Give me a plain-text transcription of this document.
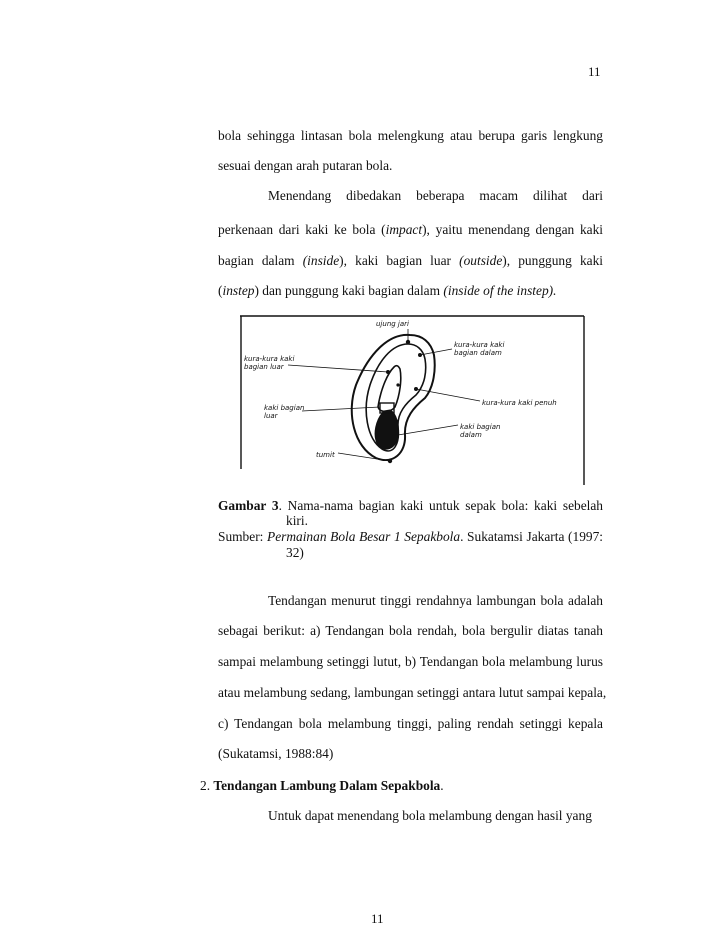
11
bola sehingga lintasan bola melengkung atau berupa garis lengkung
sesuai dengan arah putaran bola.
Menendang dibedakan beberapa macam dilihat dari
perkenaan dari kaki ke bola (impact), yaitu menendang dengan kaki
bagian dalam (inside), kaki bagian luar (outside), punggung kaki
(instep) dan punggung kaki bagian dalam (inside of the instep).
ujung jari
kura-kura kaki
bagian dalam
kura-kura kaki
bagian luar
kura-kura kaki penuh
kaki bagian
luar
kaki bagian
dalam
tumit
Gambar 3. Nama-nama bagian kaki untuk sepak bola: kaki sebelah
kiri.
Sumber: Permainan Bola Besar 1 Sepakbola. Sukatamsi Jakarta (1997:
32)
Tendangan menurut tinggi rendahnya lambungan bola adalah
sebagai berikut: a) Tendangan bola rendah, bola bergulir diatas tanah
sampai melambung setinggi lutut, b) Tendangan bola melambung lurus
atau melambung sedang, lambungan setinggi antara lutut sampai kepala,
c) Tendangan bola melambung tinggi, paling rendah setinggi kepala
(Sukatamsi, 1988:84)
2. Tendangan Lambung Dalam Sepakbola.
Untuk dapat menendang bola melambung dengan hasil yang
11
